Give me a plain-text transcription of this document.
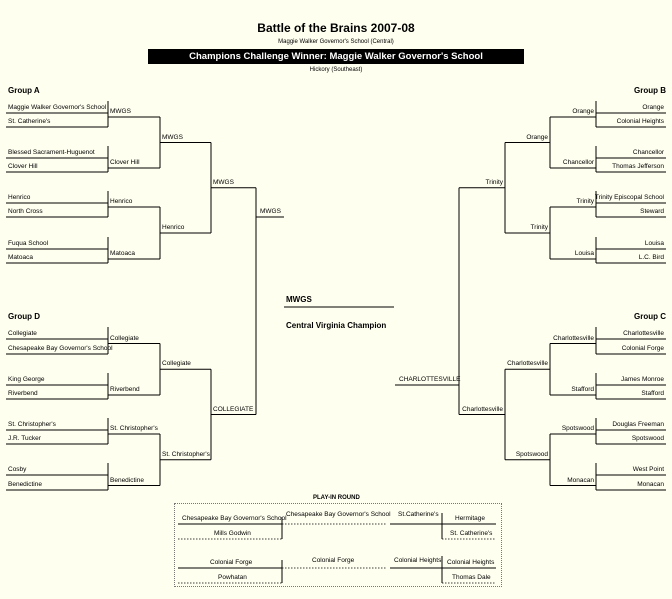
Battle of the Brains 2007-08
Maggie Walker Governor's School (Central)
Champions Challenge Winner: Maggie Walker Governor's School
Hickory (Southeast)
Group A	Group B
Group D	Group C
MWGS
Central Virginia Champion
PLAY-IN ROUND
Maggie Walker Governor's School
St. Catherine's
Blessed Sacrament-Huguenot
Clover Hill
Henrico
North Cross
Fuqua School
Matoaca
MWGS
Clover Hill
Henrico
Matoaca
MWGS
Henrico
MWGS
Collegiate
Chesapeake Bay Governor's School
King George
Riverbend
St. Christopher's
J.R. Tucker
Cosby
Benedictine
Collegiate
Riverbend
St. Christopher's
Benedictine
Collegiate
St. Christopher's
COLLEGIATE
Orange
Colonial Heights
Chancellor
Thomas Jefferson
Trinity Episcopal School
Steward
Louisa
L.C. Bird
Orange
Chancellor
Trinity
Louisa
Orange
Trinity
Trinity
Charlottesville
Colonial Forge
James Monroe
Stafford
Douglas Freeman
Spotswood
West Point
Monacan
Charlottesville
Stafford
Spotswood
Monacan
Charlottesville
Spotswood
Charlottesville
MWGS
CHARLOTTESVILLE
Chesapeake Bay Governor's School
Mills Godwin
Chesapeake Bay Governor's School
Colonial Forge
Powhatan
Colonial Forge
Hermitage
St. Catherine's
St.Catherine's
Colonial Heights
Thomas Dale
Colonial Heights
